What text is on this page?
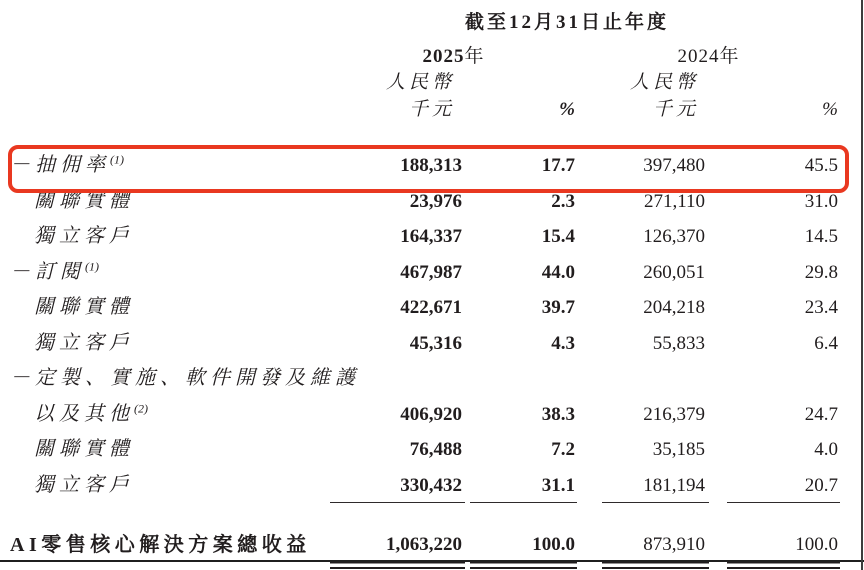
截至12月31日止年度
2025年	2024年
人民幣	人民幣
千元	%	千元	%
－抽佣率$^{(1)}$	188,313	17.7	397,480	45.5
關聯實體	23,976	2.3	271,110	31.0
獨立客戶	164,337	15.4	126,370	14.5
－訂閱$^{(1)}$	467,987	44.0	260,051	29.8
關聯實體	422,671	39.7	204,218	23.4
獨立客戶	45,316	4.3	55,833	6.4
－定製、實施、軟件開發及維護
以及其他$^{(2)}$	406,920	38.3	216,379	24.7
關聯實體	76,488	7.2	35,185	4.0
獨立客戶	330,432	31.1	181,194	20.7
AI零售核心解決方案總收益	1,063,220	100.0	873,910	100.0
